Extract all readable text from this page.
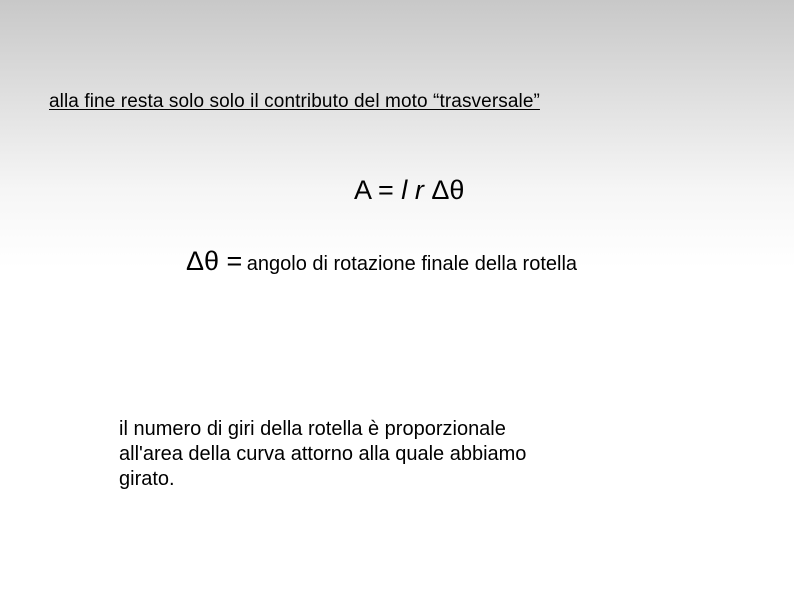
alla fine resta solo solo il contributo del moto “trasversale”
A = l r Δθ
Δθ = angolo di rotazione finale della rotella
il numero di giri della rotella è proporzionale
all'area della curva attorno alla quale abbiamo
girato.
